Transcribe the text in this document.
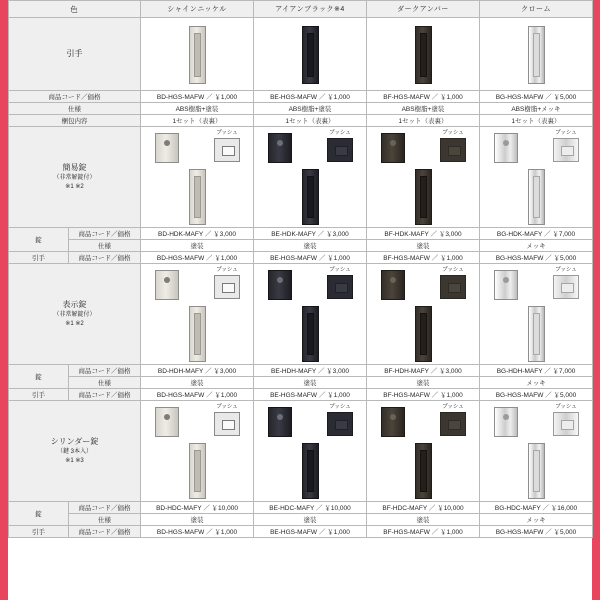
色		シャインニッケル	アイアンブラック※4	ダークアンバー	クローム
引手		

商品コード／価格		BD-HGS-MAFW ／ ￥1,000	BE-HGS-MAFW ／ ￥1,000	BF-HGS-MAFW ／ ￥1,000	BG-HGS-MAFW ／ ￥5,000
仕様		ABS樹脂+塗装	ABS樹脂+塗装	ABS樹脂+塗装	ABS樹脂+メッキ
梱包内容		1セット（表裏）	1セット（表裏）	1セット（表裏）	1セット（表裏）
簡易錠
（非常解錠付）
※1 ※2		プッシュ	プッシュ	プッシュ	プッシュ

錠	商品コード／価格	BD-HDK-MAFY ／ ￥3,000	BE-HDK-MAFY ／ ￥3,000	BF-HDK-MAFY ／ ￥3,000	BG-HDK-MAFY ／ ￥7,000
	仕様	塗装	塗装	塗装	メッキ
引手	商品コード／価格	BD-HGS-MAFW ／ ￥1,000	BE-HGS-MAFW ／ ￥1,000	BF-HGS-MAFW ／ ￥1,000	BG-HGS-MAFW ／ ￥5,000
表示錠
（非常解錠付）
※1 ※2		プッシュ	プッシュ	プッシュ	プッシュ

錠	商品コード／価格	BD-HDH-MAFY ／ ￥3,000	BE-HDH-MAFY ／ ￥3,000	BF-HDH-MAFY ／ ￥3,000	BG-HDH-MAFY ／ ￥7,000
	仕様	塗装	塗装	塗装	メッキ
引手	商品コード／価格	BD-HGS-MAFW ／ ￥1,000	BE-HGS-MAFW ／ ￥1,000	BF-HGS-MAFW ／ ￥1,000	BG-HGS-MAFW ／ ￥5,000
シリンダー錠
（鍵 3本入）
※1 ※3		プッシュ	プッシュ	プッシュ	プッシュ

錠	商品コード／価格	BD-HDC-MAFY ／ ￥10,000	BE-HDC-MAFY ／ ￥10,000	BF-HDC-MAFY ／ ￥10,000	BG-HDC-MAFY ／ ￥16,000
	仕様	塗装	塗装	塗装	メッキ
引手	商品コード／価格	BD-HGS-MAFW ／ ￥1,000	BE-HGS-MAFW ／ ￥1,000	BF-HGS-MAFW ／ ￥1,000	BG-HGS-MAFW ／ ￥5,000
